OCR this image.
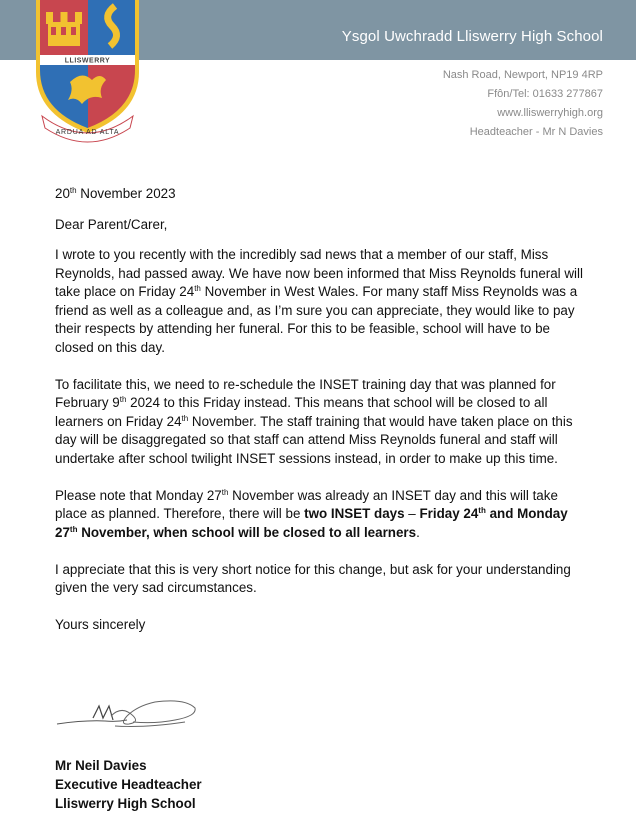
Ysgol Uwchradd Lliswerry High School
LLISWERRY
ARDUA AD ALTA
Nash Road, Newport, NP19 4RP
Ffôn/Tel: 01633 277867
www.lliswerryhigh.org
Headteacher - Mr N Davies

20th November 2023

Dear Parent/Carer,

I wrote to you recently with the incredibly sad news that a member of our staff, Miss Reynolds, had passed away. We have now been informed that Miss Reynolds funeral will take place on Friday 24th November in West Wales. For many staff Miss Reynolds was a friend as well as a colleague and, as I’m sure you can appreciate, they would like to pay their respects by attending her funeral. For this to be feasible, school will have to be closed on this day.

To facilitate this, we need to re-schedule the INSET training day that was planned for February 9th 2024 to this Friday instead. This means that school will be closed to all learners on Friday 24th November. The staff training that would have taken place on this day will be disaggregated so that staff can attend Miss Reynolds funeral and staff will undertake after school twilight INSET sessions instead, in order to make up this time.

Please note that Monday 27th November was already an INSET day and this will take place as planned. Therefore, there will be two INSET days – Friday 24th and Monday 27th November, when school will be closed to all learners.

I appreciate that this is very short notice for this change, but ask for your understanding given the very sad circumstances.

Yours sincerely

Mr Neil Davies
Executive Headteacher
Lliswerry High School
